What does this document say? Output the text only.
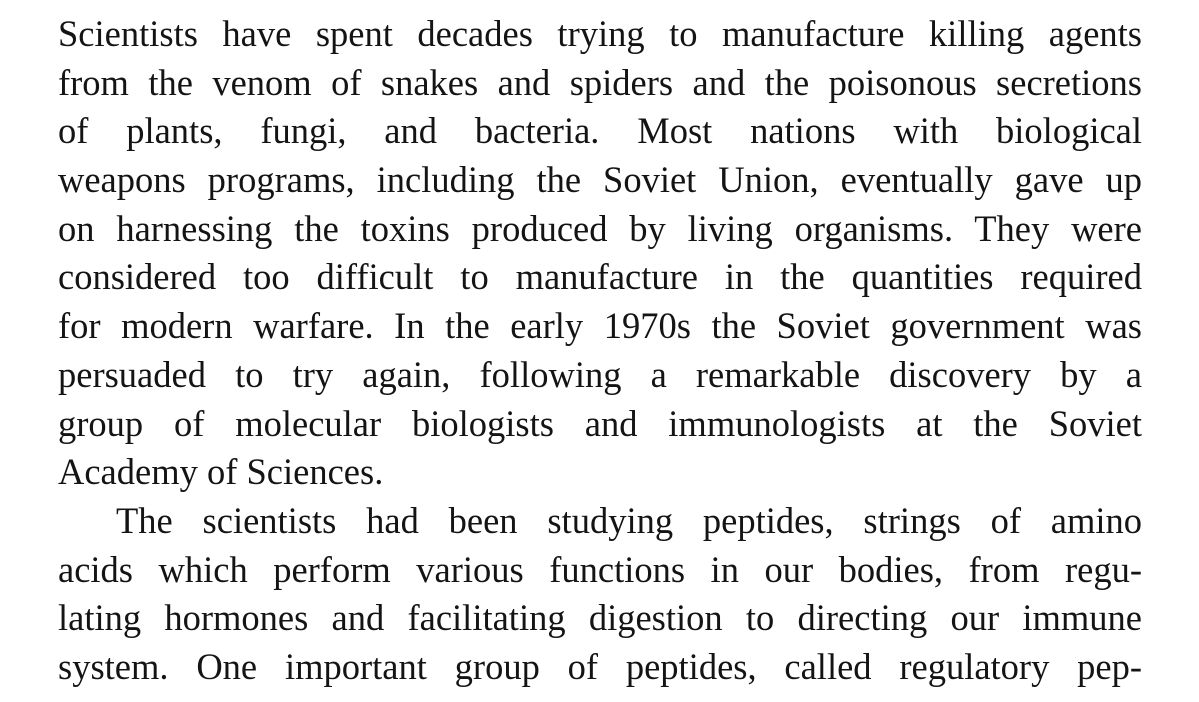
Scientists have spent decades trying to manufacture killing agents
from the venom of snakes and spiders and the poisonous secretions
of plants, fungi, and bacteria. Most nations with biological
weapons programs, including the Soviet Union, eventually gave up
on harnessing the toxins produced by living organisms. They were
considered too difficult to manufacture in the quantities required
for modern warfare. In the early 1970s the Soviet government was
persuaded to try again, following a remarkable discovery by a
group of molecular biologists and immunologists at the Soviet
Academy of Sciences.
The scientists had been studying peptides, strings of amino
acids which perform various functions in our bodies, from regu-
lating hormones and facilitating digestion to directing our immune
system. One important group of peptides, called regulatory pep-
